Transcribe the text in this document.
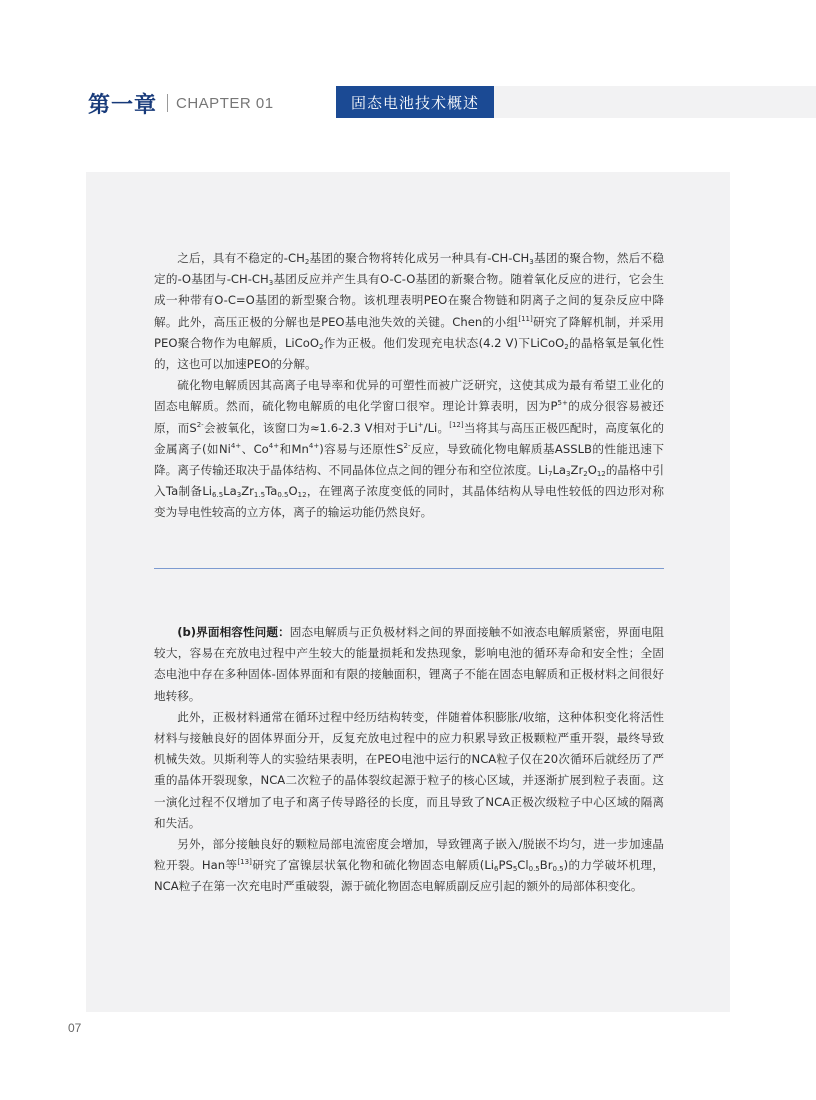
第一章 CHAPTER 01	固态电池技术概述

之后，具有不稳定的$-CH_2$基团的聚合物将转化成另一种具有$-CH-CH_3$基团的聚合物，然后不稳定的-O基团与$-CH-CH_3$基团反应并产生具有O-C-O基团的新聚合物。随着氧化反应的进行，它会生成一种带有O-C=O基团的新型聚合物。该机理表明PEO在聚合物链和阴离子之间的复杂反应中降解。此外，高压正极的分解也是PEO基电池失效的关键。Chen的小组[11]研究了降解机制，并采用PEO聚合物作为电解质，LiCoO$_2$作为正极。他们发现充电状态(4.2 V)下LiCoO$_2$的晶格氧是氧化性的，这也可以加速PEO的分解。

硫化物电解质因其高离子电导率和优异的可塑性而被广泛研究，这使其成为最有希望工业化的固态电解质。然而，硫化物电解质的电化学窗口很窄。理论计算表明，因为$P^{5+}$的成分很容易被还原，而$S^{2-}$会被氧化，该窗口为≈1.6-2.3 V相对于Li+/Li。[12]当将其与高压正极匹配时，高度氧化的金属离子(如$Ni^{4+}$、$Co^{4+}$和$Mn^{4+}$)容易与还原性$S^{2-}$反应，导致硫化物电解质基ASSLB的性能迅速下降。离子传输还取决于晶体结构、不同晶体位点之间的锂分布和空位浓度。$Li_7La_3Zr_2O_{12}$的晶格中引入Ta制备$Li_{6.5}La_3Zr_{1.5}Ta_{0.5}O_{12}$，在锂离子浓度变低的同时，其晶体结构从导电性较低的四边形对称变为导电性较高的立方体，离子的输运功能仍然良好。

(b)界面相容性问题：固态电解质与正负极材料之间的界面接触不如液态电解质紧密，界面电阻较大，容易在充放电过程中产生较大的能量损耗和发热现象，影响电池的循环寿命和安全性；全固态电池中存在多种固体-固体界面和有限的接触面积，锂离子不能在固态电解质和正极材料之间很好地转移。

此外，正极材料通常在循环过程中经历结构转变，伴随着体积膨胀/收缩，这种体积变化将活性材料与接触良好的固体界面分开，反复充放电过程中的应力积累导致正极颗粒严重开裂，最终导致机械失效。贝斯利等人的实验结果表明，在PEO电池中运行的NCA粒子仅在20次循环后就经历了严重的晶体开裂现象，NCA二次粒子的晶体裂纹起源于粒子的核心区域，并逐渐扩展到粒子表面。这一演化过程不仅增加了电子和离子传导路径的长度，而且导致了NCA正极次级粒子中心区域的隔离和失活。

另外，部分接触良好的颗粒局部电流密度会增加，导致锂离子嵌入/脱嵌不均匀，进一步加速晶粒开裂。Han等[13]研究了富镍层状氧化物和硫化物固态电解质$(Li_6PS_5Cl_{0.5}Br_{0.5})$的力学破坏机理，NCA粒子在第一次充电时严重破裂，源于硫化物固态电解质副反应引起的额外的局部体积变化。

07
